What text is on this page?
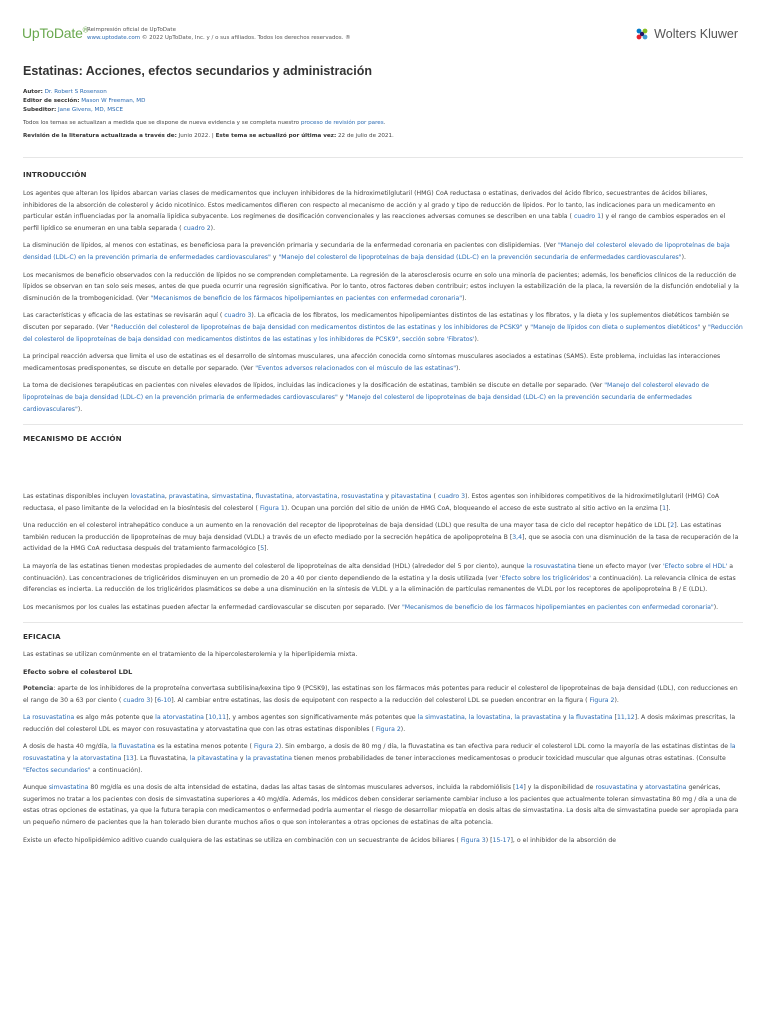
UpToDate®
Reimpresión oficial de UpToDate
www.uptodate.com © 2022 UpToDate, Inc. y / o sus afiliados. Todos los derechos reservados. ®	Wolters Kluwer
Estatinas: Acciones, efectos secundarios y administración
Autor: Dr. Robert S Rosenson
Editor de sección: Mason W Freeman, MD
Subeditor: Jane Givens, MD, MSCE
Todos los temas se actualizan a medida que se dispone de nueva evidencia y se completa nuestro proceso de revisión por pares.
Revisión de la literatura actualizada a través de: Junio 2022. | Este tema se actualizó por última vez: 22 de julio de 2021.
INTRODUCCIÓN

Los agentes que alteran los lípidos abarcan varias clases de medicamentos que incluyen inhibidores de la hidroximetilglutaril (HMG) CoA reductasa o estatinas, derivados del ácido fíbrico, secuestrantes de ácidos biliares, inhibidores de la absorción de colesterol y ácido nicotínico. Estos medicamentos difieren con respecto al mecanismo de acción y al grado y tipo de reducción de lípidos. Por lo tanto, las indicaciones para un medicamento en particular están influenciadas por la anomalía lipídica subyacente. Los regímenes de dosificación convencionales y las reacciones adversas comunes se describen en una tabla ( cuadro 1) y el rango de cambios esperados en el perfil lipídico se enumeran en una tabla separada ( cuadro 2).

La disminución de lípidos, al menos con estatinas, es beneficiosa para la prevención primaria y secundaria de la enfermedad coronaria en pacientes con dislipidemias. (Ver "Manejo del colesterol elevado de lipoproteínas de baja densidad (LDL-C) en la prevención primaria de enfermedades cardiovasculares" y "Manejo del colesterol de lipoproteínas de baja densidad (LDL-C) en la prevención secundaria de enfermedades cardiovasculares").

Los mecanismos de beneficio observados con la reducción de lípidos no se comprenden completamente. La regresión de la aterosclerosis ocurre en solo una minoría de pacientes; además, los beneficios clínicos de la reducción de lípidos se observan en tan solo seis meses, antes de que pueda ocurrir una regresión significativa. Por lo tanto, otros factores deben contribuir; estos incluyen la estabilización de la placa, la reversión de la disfunción endotelial y la disminución de la trombogenicidad. (Ver "Mecanismos de beneficio de los fármacos hipolipemiantes en pacientes con enfermedad coronaria").

Las características y eficacia de las estatinas se revisarán aquí ( cuadro 3). La eficacia de los fibratos, los medicamentos hipolipemiantes distintos de las estatinas y los fibratos, y la dieta y los suplementos dietéticos también se discuten por separado. (Ver "Reducción del colesterol de lipoproteínas de baja densidad con medicamentos distintos de las estatinas y los inhibidores de PCSK9" y "Manejo de lípidos con dieta o suplementos dietéticos" y "Reducción del colesterol de lipoproteínas de baja densidad con medicamentos distintos de las estatinas y los inhibidores de PCSK9", sección sobre 'Fibratos').

La principal reacción adversa que limita el uso de estatinas es el desarrollo de síntomas musculares, una afección conocida como síntomas musculares asociados a estatinas (SAMS). Este problema, incluidas las interacciones medicamentosas predisponentes, se discute en detalle por separado. (Ver "Eventos adversos relacionados con el músculo de las estatinas").

La toma de decisiones terapéuticas en pacientes con niveles elevados de lípidos, incluidas las indicaciones y la dosificación de estatinas, también se discute en detalle por separado. (Ver "Manejo del colesterol elevado de lipoproteínas de baja densidad (LDL-C) en la prevención primaria de enfermedades cardiovasculares" y "Manejo del colesterol de lipoproteínas de baja densidad (LDL-C) en la prevención secundaria de enfermedades cardiovasculares").

MECANISMO DE ACCIÓN

Las estatinas disponibles incluyen lovastatina, pravastatina, simvastatina, fluvastatina, atorvastatina, rosuvastatina y pitavastatina ( cuadro 3). Estos agentes son inhibidores competitivos de la hidroximetilglutaril (HMG) CoA reductasa, el paso limitante de la velocidad en la biosíntesis del colesterol ( Figura 1). Ocupan una porción del sitio de unión de HMG CoA, bloqueando el acceso de este sustrato al sitio activo en la enzima [1].

Una reducción en el colesterol intrahepático conduce a un aumento en la renovación del receptor de lipoproteínas de baja densidad (LDL) que resulta de una mayor tasa de ciclo del receptor hepático de LDL [2]. Las estatinas también reducen la producción de lipoproteínas de muy baja densidad (VLDL) a través de un efecto mediado por la secreción hepática de apolipoproteína B [3,4], que se asocia con una disminución de la tasa de recuperación de la actividad de la HMG CoA reductasa después del tratamiento farmacológico [5].

La mayoría de las estatinas tienen modestas propiedades de aumento del colesterol de lipoproteínas de alta densidad (HDL) (alrededor del 5 por ciento), aunque la rosuvastatina tiene un efecto mayor (ver 'Efecto sobre el HDL' a continuación). Las concentraciones de triglicéridos disminuyen en un promedio de 20 a 40 por ciento dependiendo de la estatina y la dosis utilizada (ver 'Efecto sobre los triglicéridos' a continuación). La relevancia clínica de estas diferencias es incierta. La reducción de los triglicéridos plasmáticos se debe a una disminución en la síntesis de VLDL y a la eliminación de partículas remanentes de VLDL por los receptores de apolipoproteína B / E (LDL).

Los mecanismos por los cuales las estatinas pueden afectar la enfermedad cardiovascular se discuten por separado. (Ver "Mecanismos de beneficio de los fármacos hipolipemiantes en pacientes con enfermedad coronaria").

EFICACIA

Las estatinas se utilizan comúnmente en el tratamiento de la hipercolesterolemia y la hiperlipidemia mixta.

Efecto sobre el colesterol LDL

Potencia: aparte de los inhibidores de la proproteína convertasa subtilisina/kexina tipo 9 (PCSK9), las estatinas son los fármacos más potentes para reducir el colesterol de lipoproteínas de baja densidad (LDL), con reducciones en el rango de 30 a 63 por ciento ( cuadro 3) [6-10]. Al cambiar entre estatinas, las dosis de equipotent con respecto a la reducción del colesterol LDL se pueden encontrar en la figura ( Figura 2).

La rosuvastatina es algo más potente que la atorvastatina [10,11], y ambos agentes son significativamente más potentes que la simvastatina, la lovastatina, la pravastatina y la fluvastatina [11,12]. A dosis máximas prescritas, la reducción del colesterol LDL es mayor con rosuvastatina y atorvastatina que con las otras estatinas disponibles ( Figura 2).

A dosis de hasta 40 mg/día, la fluvastatina es la estatina menos potente ( Figura 2). Sin embargo, a dosis de 80 mg / día, la fluvastatina es tan efectiva para reducir el colesterol LDL como la mayoría de las estatinas distintas de la rosuvastatina y la atorvastatina [13]. La fluvastatina, la pitavastatina y la pravastatina tienen menos probabilidades de tener interacciones medicamentosas o producir toxicidad muscular que algunas otras estatinas. (Consulte "Efectos secundarios" a continuación).

Aunque simvastatina 80 mg/día es una dosis de alta intensidad de estatina, dadas las altas tasas de síntomas musculares adversos, incluida la rabdomiólisis [14] y la disponibilidad de rosuvastatina y atorvastatina genéricas, sugerimos no tratar a los pacientes con dosis de simvastatina superiores a 40 mg/día. Además, los médicos deben considerar seriamente cambiar incluso a los pacientes que actualmente toleran simvastatina 80 mg / día a una de estas otras opciones de estatinas, ya que la futura terapia con medicamentos o enfermedad podría aumentar el riesgo de desarrollar miopatía en dosis altas de simvastatina. La dosis alta de simvastatina puede ser apropiada para un pequeño número de pacientes que la han tolerado bien durante muchos años o que son intolerantes a otras opciones de estatinas de alta potencia.

Existe un efecto hipolipidémico aditivo cuando cualquiera de las estatinas se utiliza en combinación con un secuestrante de ácidos biliares ( Figura 3) [15-17], o el inhibidor de la absorción de
